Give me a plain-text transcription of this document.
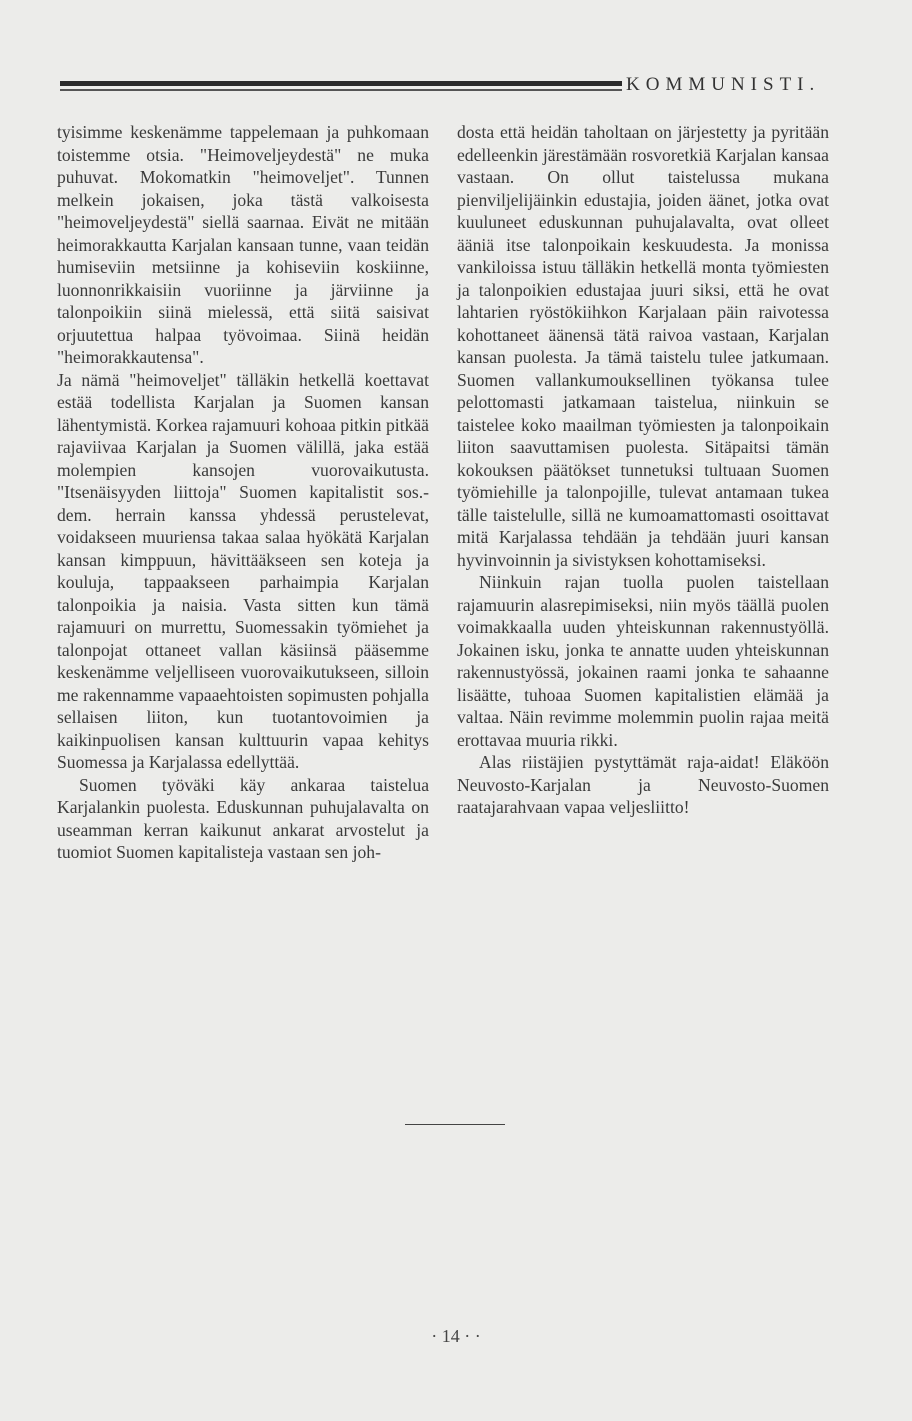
KOMMUNISTI.

tyisimme keskenämme tappelemaan ja puhkomaan toistemme otsia. "Heimoveljeydestä" ne muka puhuvat. Mokomatkin "heimoveljet". Tunnen melkein jokaisen, joka tästä valkoisesta "heimoveljeydestä" siellä saarnaa. Eivät ne mitään heimorakkautta Karjalan kansaan tunne, vaan teidän humiseviin metsiinne ja kohiseviin koskiinne, luonnonrikkaisiin vuoriinne ja järviinne ja talonpoikiin siinä mielessä, että siitä saisivat orjuutettua halpaa työvoimaa. Siinä heidän "heimorakkautensa".

Ja nämä "heimoveljet" tälläkin hetkellä koettavat estää todellista Karjalan ja Suomen kansan lähentymistä. Korkea rajamuuri kohoaa pitkin pitkää rajaviivaa Karjalan ja Suomen välillä, jaka estää molempien kansojen vuorovaikutusta. "Itsenäisyyden liittoja" Suomen kapitalistit sos.-dem. herrain kanssa yhdessä perustelevat, voidakseen muuriensa takaa salaa hyökätä Karjalan kansan kimppuun, hävittääkseen sen koteja ja kouluja, tappaakseen parhaimpia Karjalan talonpoikia ja naisia. Vasta sitten kun tämä rajamuuri on murrettu, Suomessakin työmiehet ja talonpojat ottaneet vallan käsiinsä pääsemme keskenämme veljelliseen vuorovaikutukseen, silloin me rakennamme vapaaehtoisten sopimusten pohjalla sellaisen liiton, kun tuotantovoimien ja kaikinpuolisen kansan kulttuurin vapaa kehitys Suomessa ja Karjalassa edellyttää.

Suomen työväki käy ankaraa taistelua Karjalankin puolesta. Eduskunnan puhujalavalta on useamman kerran kaikunut ankarat arvostelut ja tuomiot Suomen kapitalisteja vastaan sen joh-

dosta että heidän taholtaan on järjestetty ja pyritään edelleenkin järestämään rosvoretkiä Karjalan kansaa vastaan. On ollut taistelussa mukana pienviljelijäinkin edustajia, joiden äänet, jotka ovat kuuluneet eduskunnan puhujalavalta, ovat olleet ääniä itse talonpoikain keskuudesta. Ja monissa vankiloissa istuu tälläkin hetkellä monta työmiesten ja talonpoikien edustajaa juuri siksi, että he ovat lahtarien ryöstökiihkon Karjalaan päin raivotessa kohottaneet äänensä tätä raivoa vastaan, Karjalan kansan puolesta. Ja tämä taistelu tulee jatkumaan. Suomen vallankumouksellinen työkansa tulee pelottomasti jatkamaan taistelua, niinkuin se taistelee koko maailman työmiesten ja talonpoikain liiton saavuttamisen puolesta. Sitäpaitsi tämän kokouksen päätökset tunnetuksi tultuaan Suomen työmiehille ja talonpojille, tulevat antamaan tukea tälle taistelulle, sillä ne kumoamattomasti osoittavat mitä Karjalassa tehdään ja tehdään juuri kansan hyvinvoinnin ja sivistyksen kohottamiseksi.

Niinkuin rajan tuolla puolen taistellaan rajamuurin alasrepimiseksi, niin myös täällä puolen voimakkaalla uuden yhteiskunnan rakennustyöllä. Jokainen isku, jonka te annatte uuden yhteiskunnan rakennustyössä, jokainen raami jonka te sahaanne lisäätte, tuhoaa Suomen kapitalistien elämää ja valtaa. Näin revimme molemmin puolin rajaa meitä erottavaa muuria rikki.

Alas riistäjien pystyttämät raja-aidat! Eläköön Neuvosto-Karjalan ja Neuvosto-Suomen raatajarahvaan vapaa veljesliitto!

· 14 · ·
